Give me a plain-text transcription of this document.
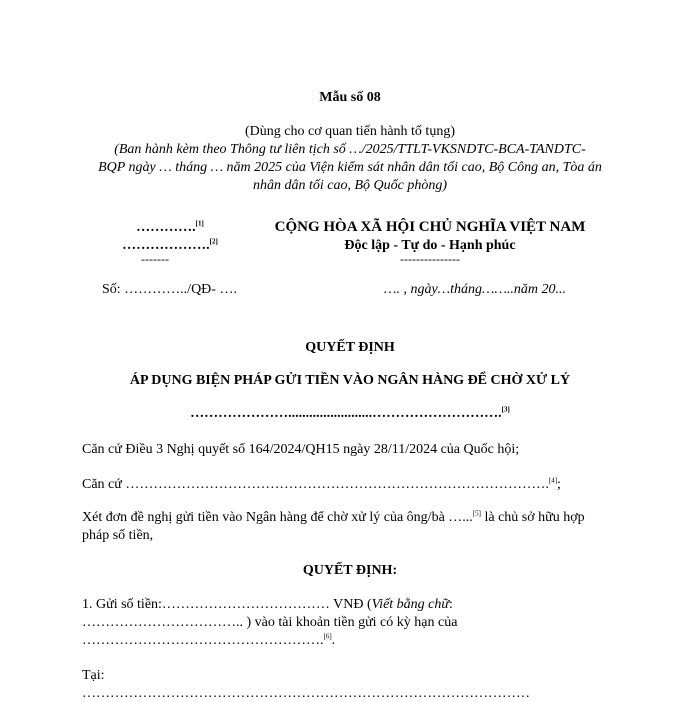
Mẫu số 08
(Dùng cho cơ quan tiến hành tố tụng)
(Ban hành kèm theo Thông tư liên tịch số …/2025/TTLT-VKSNDTC-BCA-TANDTC-
BQP ngày … tháng … năm 2025 của Viện kiểm sát nhân dân tối cao, Bộ Công an, Tòa án
nhân dân tối cao, Bộ Quốc phòng)
………….[1]
……………….[2]
-------
CỘNG HÒA XÃ HỘI CHỦ NGHĨA VIỆT NAM
Độc lập - Tự do - Hạnh phúc
---------------
Số: …………../QĐ- ….	…. , ngày…tháng……..năm 20...
QUYẾT ĐỊNH
ÁP DỤNG BIỆN PHÁP GỬI TIỀN VÀO NGÂN HÀNG ĐỂ CHỜ XỬ LÝ
…………………........................……………………….[3]
Căn cứ Điều 3 Nghị quyết số 164/2024/QH15 ngày 28/11/2024 của Quốc hội;
Căn cứ ……………………………………………………………………………….[4];
Xét đơn đề nghị gửi tiền vào Ngân hàng để chờ xử lý của ông/bà …...[5] là chủ sở hữu hợp
pháp số tiền,
QUYẾT ĐỊNH:
1. Gửi số tiền:……………………………… VNĐ (Viết bằng chữ:
…………………………….. ) vào tài khoản tiền gửi có kỳ hạn của
…………………………………………….[6].
Tại:
……………………………………………………………………………………
